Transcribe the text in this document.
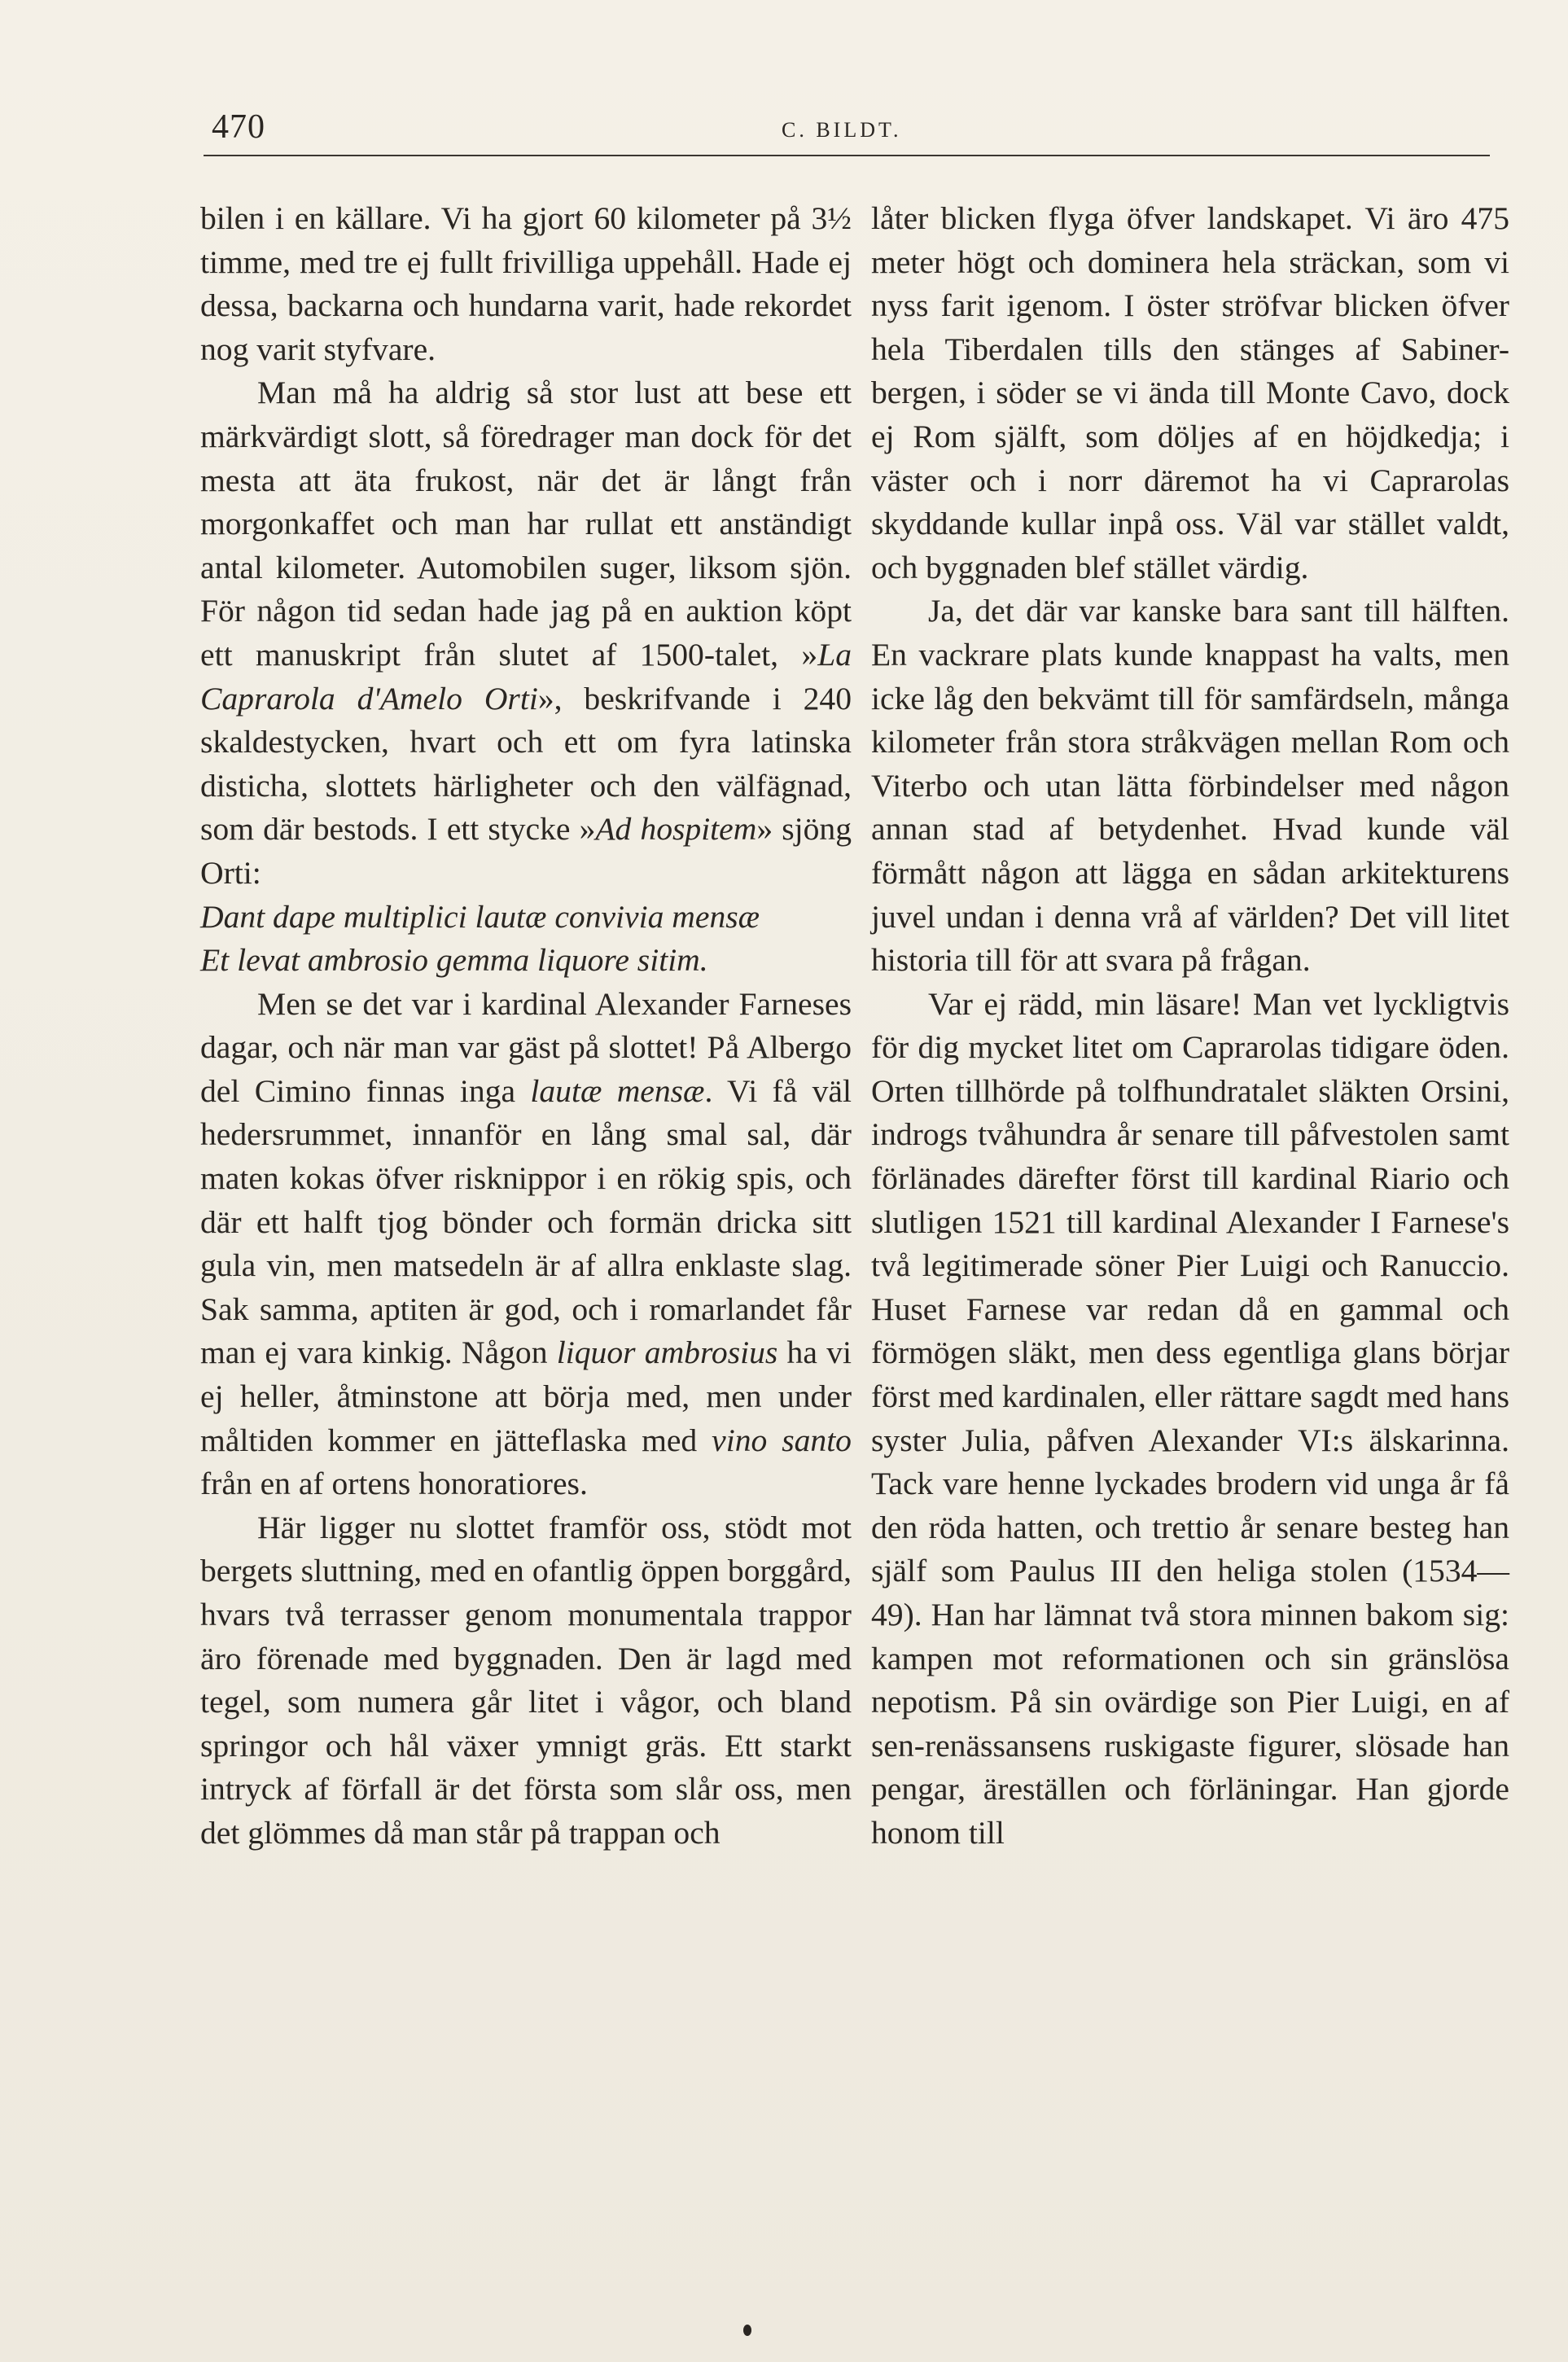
470	C. BILDT.

bilen i en källare. Vi ha gjort 60 kilometer på 3½ timme, med tre ej fullt frivilliga uppehåll. Hade ej dessa, backarna och hundarna varit, hade rekordet nog varit styfvare.

Man må ha aldrig så stor lust att bese ett märkvärdigt slott, så föredrager man dock för det mesta att äta frukost, när det är långt från morgonkaffet och man har rullat ett anständigt antal kilometer. Automobilen suger, liksom sjön. För någon tid sedan hade jag på en auktion köpt ett manuskript från slutet af 1500-talet, »La Caprarola d'Amelo Orti», beskrifvande i 240 skaldestycken, hvart och ett om fyra latinska disticha, slottets härligheter och den välfägnad, som där bestods. I ett stycke »Ad hospitem» sjöng Orti:

Dant dape multiplici lautæ convivia mensæ

Et levat ambrosio gemma liquore sitim.

Men se det var i kardinal Alexander Farneses dagar, och när man var gäst på slottet! På Albergo del Cimino finnas inga lautæ mensæ. Vi få väl hedersrummet, innanför en lång smal sal, där maten kokas öfver risknippor i en rökig spis, och där ett halft tjog bönder och formän dricka sitt gula vin, men matsedeln är af allra enklaste slag. Sak samma, aptiten är god, och i romarlandet får man ej vara kinkig. Någon liquor ambrosius ha vi ej heller, åtminstone att börja med, men under måltiden kommer en jätteflaska med vino santo från en af ortens honoratiores.

Här ligger nu slottet framför oss, stödt mot bergets sluttning, med en ofantlig öppen borggård, hvars två terrasser genom monumentala trappor äro förenade med byggnaden. Den är lagd med tegel, som numera går litet i vågor, och bland springor och hål växer ymnigt gräs. Ett starkt intryck af förfall är det första som slår oss, men det glömmes då man står på trappan och

låter blicken flyga öfver landskapet. Vi äro 475 meter högt och dominera hela sträckan, som vi nyss farit igenom. I öster ströfvar blicken öfver hela Tiberdalen tills den stänges af Sabiner-bergen, i söder se vi ända till Monte Cavo, dock ej Rom själft, som döljes af en höjdkedja; i väster och i norr däremot ha vi Caprarolas skyddande kullar inpå oss. Väl var stället valdt, och byggnaden blef stället värdig.

Ja, det där var kanske bara sant till hälften. En vackrare plats kunde knappast ha valts, men icke låg den bekvämt till för samfärdseln, många kilometer från stora stråkvägen mellan Rom och Viterbo och utan lätta förbindelser med någon annan stad af betydenhet. Hvad kunde väl förmått någon att lägga en sådan arkitekturens juvel undan i denna vrå af världen? Det vill litet historia till för att svara på frågan.

Var ej rädd, min läsare! Man vet lyckligtvis för dig mycket litet om Caprarolas tidigare öden. Orten tillhörde på tolfhundratalet släkten Orsini, indrogs tvåhundra år senare till påfvestolen samt förlänades därefter först till kardinal Riario och slutligen 1521 till kardinal Alexander I Farnese's två legitimerade söner Pier Luigi och Ranuccio. Huset Farnese var redan då en gammal och förmögen släkt, men dess egentliga glans börjar först med kardinalen, eller rättare sagdt med hans syster Julia, påfven Alexander VI:s älskarinna. Tack vare henne lyckades brodern vid unga år få den röda hatten, och trettio år senare besteg han själf som Paulus III den heliga stolen (1534—49). Han har lämnat två stora minnen bakom sig: kampen mot reformationen och sin gränslösa nepotism. På sin ovärdige son Pier Luigi, en af sen-renässansens ruskigaste figurer, slösade han pengar, äreställen och förläningar. Han gjorde honom till
